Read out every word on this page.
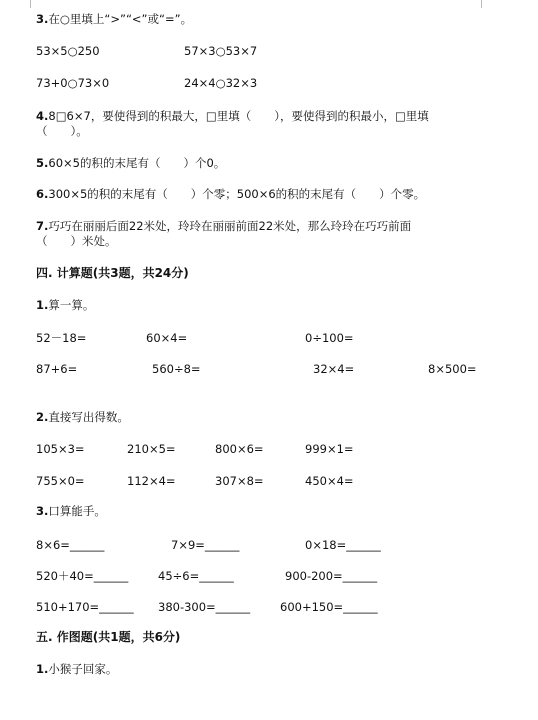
3.在○里填上“>”“<”或“=”。
53×5○250	57×3○53×7
73+0○73×0	24×4○32×3
4.8□6×7，要使得到的积最大，□里填（　　），要使得到的积最小，□里填
（　　）。
5.60×5的积的末尾有（　　）个0。
6.300×5的积的末尾有（　　）个零；500×6的积的末尾有（　　）个零。
7.巧巧在丽丽后面22米处，玲玲在丽丽前面22米处，那么玲玲在巧巧前面
（　　）米处。
四. 计算题(共3题，共24分)
1.算一算。
52－18=	60×4=	0÷100=
87+6=	560÷8=	32×4=	8×500=
2.直接写出得数。
105×3=	210×5=	800×6=	999×1=
755×0=	112×4=	307×8=	450×4=
3.口算能手。
8×6=______	7×9=______	0×18=______
520＋40=______	45÷6=______	900-200=______
510+170=______ 380-300=______	600+150=______
五. 作图题(共1题，共6分)
1.小猴子回家。
